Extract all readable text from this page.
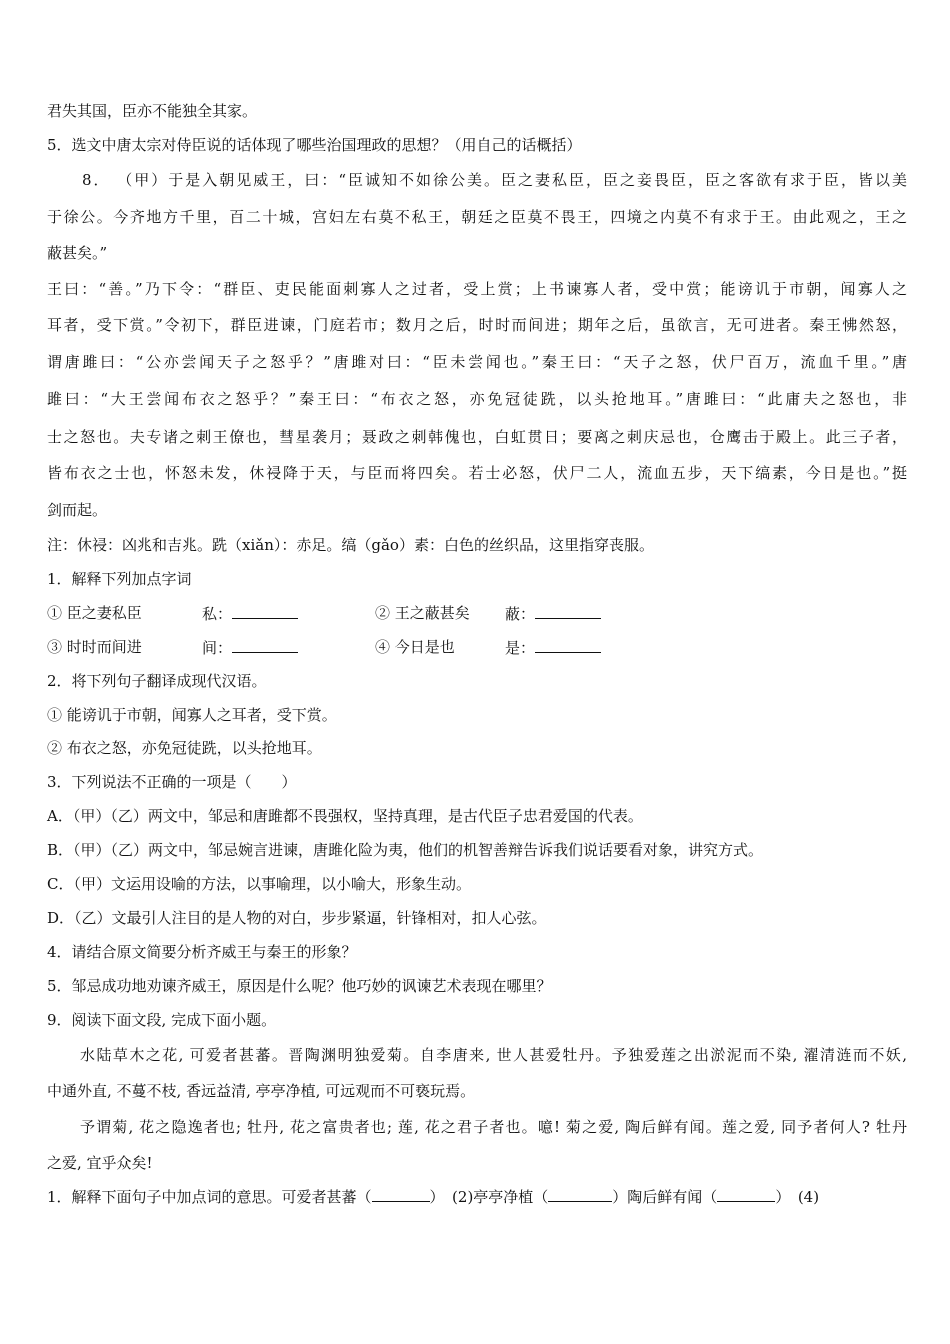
君失其国，臣亦不能独全其家。
5．选文中唐太宗对侍臣说的话体现了哪些治国理政的思想？（用自己的话概括）
8． （甲）于是入朝见威王，曰：“臣诚知不如徐公美。臣之妻私臣，臣之妾畏臣，臣之客欲有求于臣，皆以美
于徐公。今齐地方千里，百二十城，宫妇左右莫不私王，朝廷之臣莫不畏王，四境之内莫不有求于王。由此观之，王之
蔽甚矣。”
王曰：“善。”乃下令：“群臣、吏民能面刺寡人之过者，受上赏；上书谏寡人者，受中赏；能谤讥于市朝，闻寡人之
耳者，受下赏。”令初下，群臣进谏，门庭若市；数月之后，时时而间进；期年之后，虽欲言，无可进者。秦王怫然怒，
谓唐雎曰：“公亦尝闻天子之怒乎？”唐雎对曰：“臣未尝闻也。”秦王曰：“天子之怒，伏尸百万，流血千里。”唐
雎曰：“大王尝闻布衣之怒乎？”秦王曰：“布衣之怒，亦免冠徒跣，以头抢地耳。”唐雎曰：“此庸夫之怒也，非
士之怒也。夫专诸之刺王僚也，彗星袭月；聂政之刺韩傀也，白虹贯日；要离之刺庆忌也，仓鹰击于殿上。此三子者，
皆布衣之士也，怀怒未发，休祲降于天，与臣而将四矣。若士必怒，伏尸二人，流血五步，天下缟素，今日是也。”挺
剑而起。
注：休祲：凶兆和吉兆。跣（xiǎn）：赤足。缟（gǎo）素：白色的丝织品，这里指穿丧服。
1．解释下列加点字词
① 臣之妻私臣	私：	② 王之蔽甚矣 蔽：
③ 时时而间进	间：	④ 今日是也	是：
2．将下列句子翻译成现代汉语。
① 能谤讥于市朝，闻寡人之耳者，受下赏。
② 布衣之怒，亦免冠徒跣，以头抢地耳。
3．下列说法不正确的一项是（　　）
A．（甲）（乙）两文中，邹忌和唐雎都不畏强权，坚持真理，是古代臣子忠君爱国的代表。
B．（甲）（乙）两文中，邹忌婉言进谏，唐雎化险为夷，他们的机智善辩告诉我们说话要看对象，讲究方式。
C．（甲）文运用设喻的方法，以事喻理，以小喻大，形象生动。
D．（乙）文最引人注目的是人物的对白，步步紧逼，针锋相对，扣人心弦。
4．请结合原文简要分析齐威王与秦王的形象？
5．邹忌成功地劝谏齐威王，原因是什么呢？他巧妙的讽谏艺术表现在哪里？
9．阅读下面文段, 完成下面小题。
水陆草木之花, 可爱者甚蕃。晋陶渊明独爱菊。自李唐来, 世人甚爱牡丹。予独爱莲之出淤泥而不染, 濯清涟而不妖,
中通外直, 不蔓不枝, 香远益清, 亭亭净植, 可远观而不可亵玩焉。
予谓菊, 花之隐逸者也; 牡丹, 花之富贵者也; 莲, 花之君子者也。噫! 菊之爱, 陶后鲜有闻。莲之爱, 同予者何人? 牡丹
之爱, 宜乎众矣!
1．解释下面句子中加点词的意思。可爱者甚蕃（	）　(2)亭亭净植（	）陶后鲜有闻（	）　(4)
